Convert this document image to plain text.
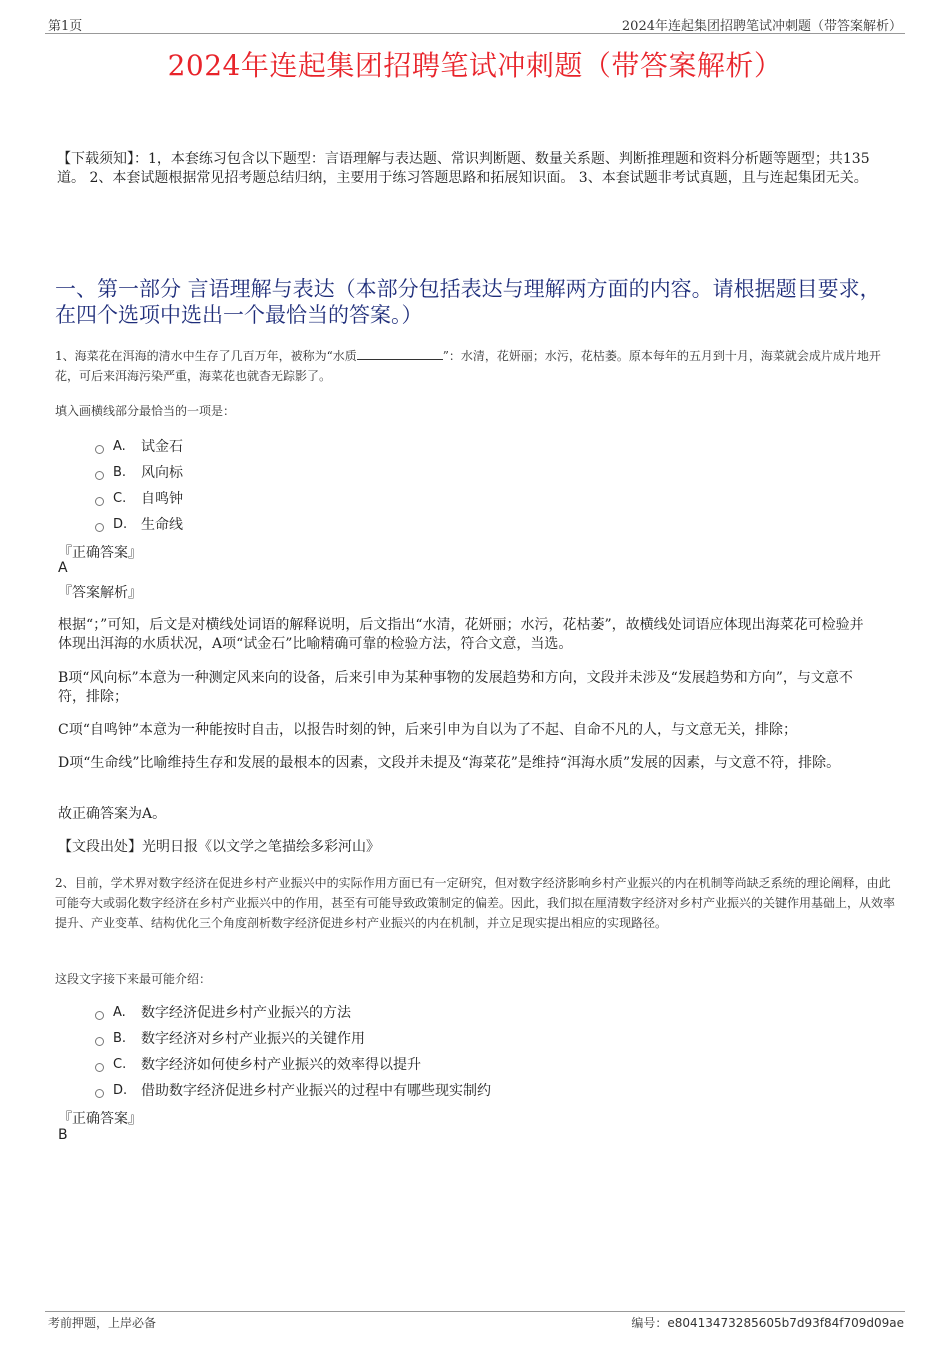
第1页	2024年连起集团招聘笔试冲刺题（带答案解析）
2024年连起集团招聘笔试冲刺题（带答案解析）
【下载须知】：1，本套练习包含以下题型：言语理解与表达题、常识判断题、数量关系题、判断推理题和资料分析题等题型；共135道。 2、本套试题根据常见招考题总结归纳，主要用于练习答题思路和拓展知识面。 3、本套试题非考试真题，且与连起集团无关。
一、第一部分 言语理解与表达（本部分包括表达与理解两方面的内容。请根据题目要求，在四个选项中选出一个最恰当的答案。）
1、海菜花在洱海的清水中生存了几百万年，被称为“水质	”：水清，花妍丽；水污，花枯萎。原本每年的五月到十月，海菜就会成片成片地开花，可后来洱海污染严重，海菜花也就杳无踪影了。
填入画横线部分最恰当的一项是：
A.	试金石
B.	风向标
C.	自鸣钟
D. 生命线
『正确答案』
A
『答案解析』
根据“；”可知，后文是对横线处词语的解释说明，后文指出“水清，花妍丽；水污，花枯萎”，故横线处词语应体现出海菜花可检验并体现出洱海的水质状况，A项“试金石”比喻精确可靠的检验方法，符合文意，当选。
B项“风向标”本意为一种测定风来向的设备，后来引申为某种事物的发展趋势和方向，文段并未涉及“发展趋势和方向”，与文意不符，排除；
C项“自鸣钟”本意为一种能按时自击，以报告时刻的钟，后来引申为自以为了不起、自命不凡的人，与文意无关，排除；
D项“生命线”比喻维持生存和发展的最根本的因素，文段并未提及“海菜花”是维持“洱海水质”发展的因素，与文意不符，排除。
故正确答案为A。
【文段出处】光明日报《以文学之笔描绘多彩河山》
2、目前，学术界对数字经济在促进乡村产业振兴中的实际作用方面已有一定研究，但对数字经济影响乡村产业振兴的内在机制等尚缺乏系统的理论阐释，由此可能夸大或弱化数字经济在乡村产业振兴中的作用，甚至有可能导致政策制定的偏差。因此，我们拟在厘清数字经济对乡村产业振兴的关键作用基础上，从效率提升、产业变革、结构优化三个角度剖析数字经济促进乡村产业振兴的内在机制，并立足现实提出相应的实现路径。
这段文字接下来最可能介绍：
A.	数字经济促进乡村产业振兴的方法
B.	数字经济对乡村产业振兴的关键作用
C.	数字经济如何使乡村产业振兴的效率得以提升
D. 借助数字经济促进乡村产业振兴的过程中有哪些现实制约
『正确答案』
B
考前押题，上岸必备	编号：e80413473285605b7d93f84f709d09ae
